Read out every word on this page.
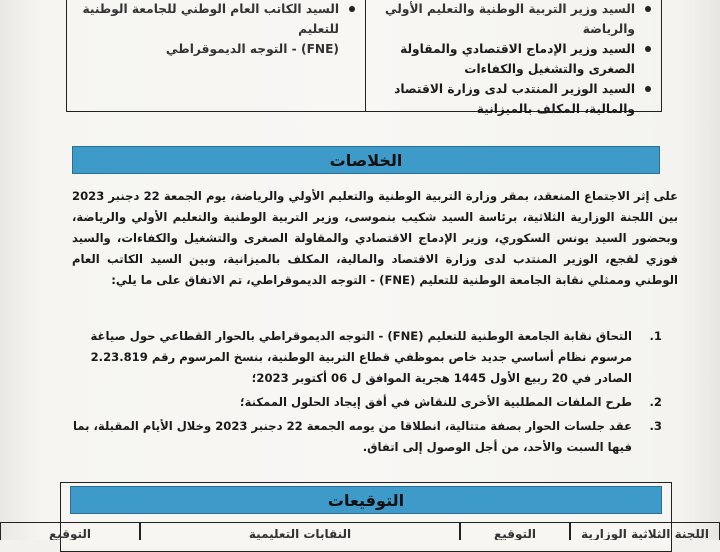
السيد وزير التربية الوطنية والتعليم الأولي والرياضة
السيد وزير الإدماج الاقتصادي والمقاولة الصغرى والتشغيل والكفاءات
السيد الوزير المنتدب لدى وزارة الاقتصاد والمالية، المكلف بالميزانية
السيد الكاتب العام الوطني للجامعة الوطنية للتعليم
(FNE) - التوجه الديموقراطي
الخلاصات
على إثر الاجتماع المنعقد، بمقر وزارة التربية الوطنية والتعليم الأولي والرياضة، يوم الجمعة 22 دجنبر 2023 بين اللجنة الوزارية الثلاثية، برئاسة السيد شكيب بنموسى، وزير التربية الوطنية والتعليم الأولي والرياضة، وبحضور السيد يونس السكوري، وزير الإدماج الاقتصادي والمقاولة الصغرى والتشغيل والكفاءات، والسيد فوزي لقجع، الوزير المنتدب لدى وزارة الاقتصاد والمالية، المكلف بالميزانية، وبين السيد الكاتب العام الوطني وممثلي نقابة الجامعة الوطنية للتعليم (FNE) - التوجه الديموقراطي، تم الاتفاق على ما يلي:
1.
التحاق نقابة الجامعة الوطنية للتعليم (FNE) - التوجه الديموقراطي بالحوار القطاعي حول صياغة مرسوم نظام أساسي جديد خاص بموظفي قطاع التربية الوطنية، بنسخ المرسوم رقم 2.23.819 الصادر في 20 ربيع الأول 1445 هجرية الموافق ل 06 أكتوبر 2023؛
2.
طرح الملفات المطلبية الأخرى للنقاش في أفق إيجاد الحلول الممكنة؛
3.
عقد جلسات الحوار بصفة متتالية، انطلاقا من يومه الجمعة 22 دجنبر 2023 وخلال الأيام المقبلة، بما فيها السبت والأحد، من أجل الوصول إلى اتفاق.
التوقيعات
اللجنة الثلاثية الوزارية
التوقيع
النقابات التعليمية
التوقيع
